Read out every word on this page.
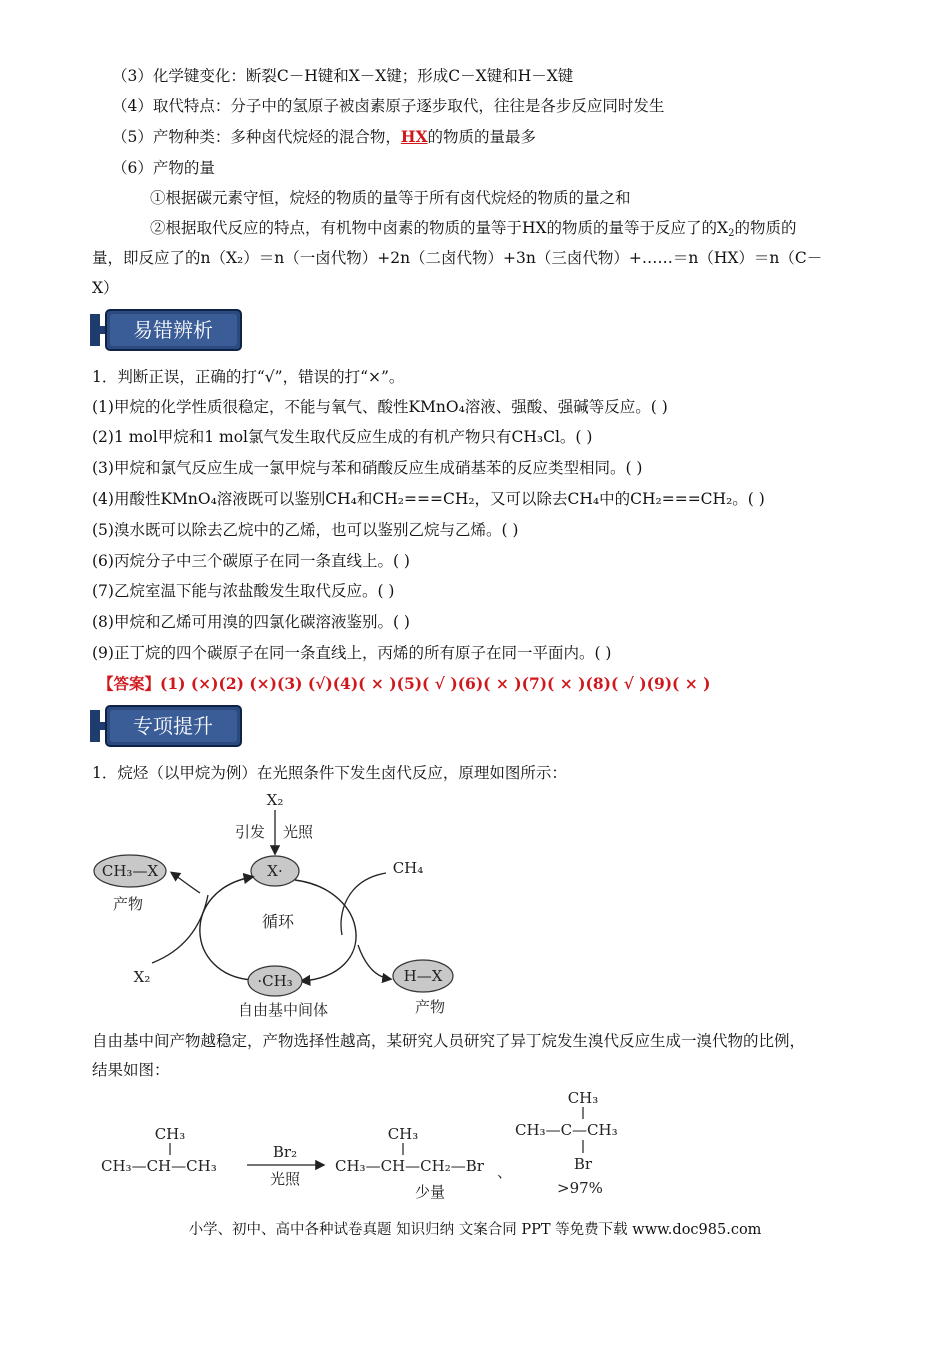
（3）化学键变化：断裂C－H键和X－X键；形成C－X键和H－X键
（4）取代特点：分子中的氢原子被卤素原子逐步取代，往往是各步反应同时发生
（5）产物种类：多种卤代烷烃的混合物，HX的物质的量最多
（6）产物的量
①根据碳元素守恒，烷烃的物质的量等于所有卤代烷烃的物质的量之和
②根据取代反应的特点，有机物中卤素的物质的量等于HX的物质的量等于反应了的$X_2$的物质的
量，即反应了的n（X₂）＝n（一卤代物）+2n（二卤代物）+3n（三卤代物）+……＝n（HX）＝n（C－
X）
易错辨析
1．判断正误，正确的打“√”，错误的打“×”。
(1)甲烷的化学性质很稳定，不能与氧气、酸性KMnO₄溶液、强酸、强碱等反应。( )
(2)1 mol甲烷和1 mol氯气发生取代反应生成的有机产物只有CH₃Cl。( )
(3)甲烷和氯气反应生成一氯甲烷与苯和硝酸反应生成硝基苯的反应类型相同。( )
(4)用酸性KMnO₄溶液既可以鉴别CH₄和CH₂===CH₂，又可以除去CH₄中的CH₂===CH₂。( )
(5)溴水既可以除去乙烷中的乙烯，也可以鉴别乙烷与乙烯。( )
(6)丙烷分子中三个碳原子在同一条直线上。( )
(7)乙烷室温下能与浓盐酸发生取代反应。( )
(8)甲烷和乙烯可用溴的四氯化碳溶液鉴别。( )
(9)正丁烷的四个碳原子在同一条直线上，丙烯的所有原子在同一平面内。( )
【答案】(1) (×)(2) (×)(3) (√)(4)( × )(5)( √ )(6)( × )(7)( × )(8)( √ )(9)( × )
专项提升
1．烷烃（以甲烷为例）在光照条件下发生卤代反应，原理如图所示：
X₂
引发 光照
X·
CH₃—X
产物
循环
CH₄
X₂	·CH₃
自由基中间体
H—X
产物
自由基中间产物越稳定，产物选择性越高，某研究人员研究了异丁烷发生溴代反应生成一溴代物的比例，
结果如图：
CH₃
CH₃—CH—CH₃
Br₂
光照
CH₃
CH₃—CH—CH₂—Br
少量
、
CH₃
CH₃—C—CH₃
Br
>97%
小学、初中、高中各种试卷真题 知识归纳 文案合同 PPT 等免费下载 www.doc985.com
